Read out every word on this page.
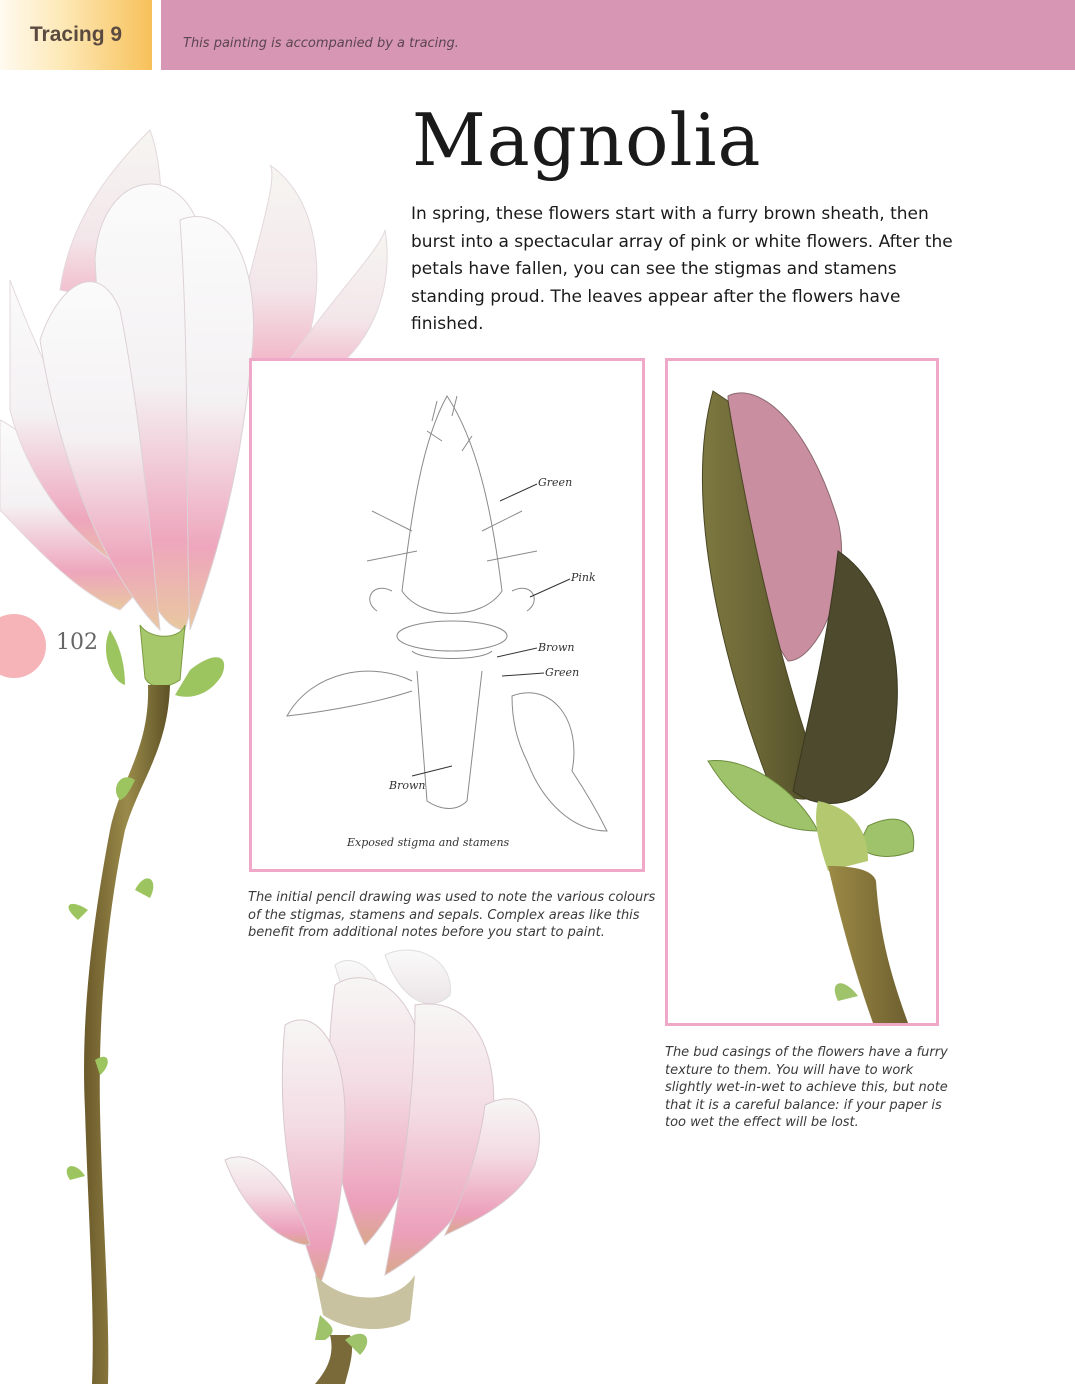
Tracing 9	This painting is accompanied by a tracing.
Magnolia

In spring, these flowers start with a furry brown sheath, then burst into a spectacular array of pink or white flowers. After the petals have fallen, you can see the stigmas and stamens standing proud. The leaves appear after the flowers have finished.

102
Green
Pink
Brown
Green
Brown
Exposed stigma and stamens

The initial pencil drawing was used to note the various colours of the stigmas, stamens and sepals. Complex areas like this benefit from additional notes before you start to paint.

The bud casings of the flowers have a furry texture to them. You will have to work slightly wet-in-wet to achieve this, but note that it is a careful balance: if your paper is too wet the effect will be lost.
